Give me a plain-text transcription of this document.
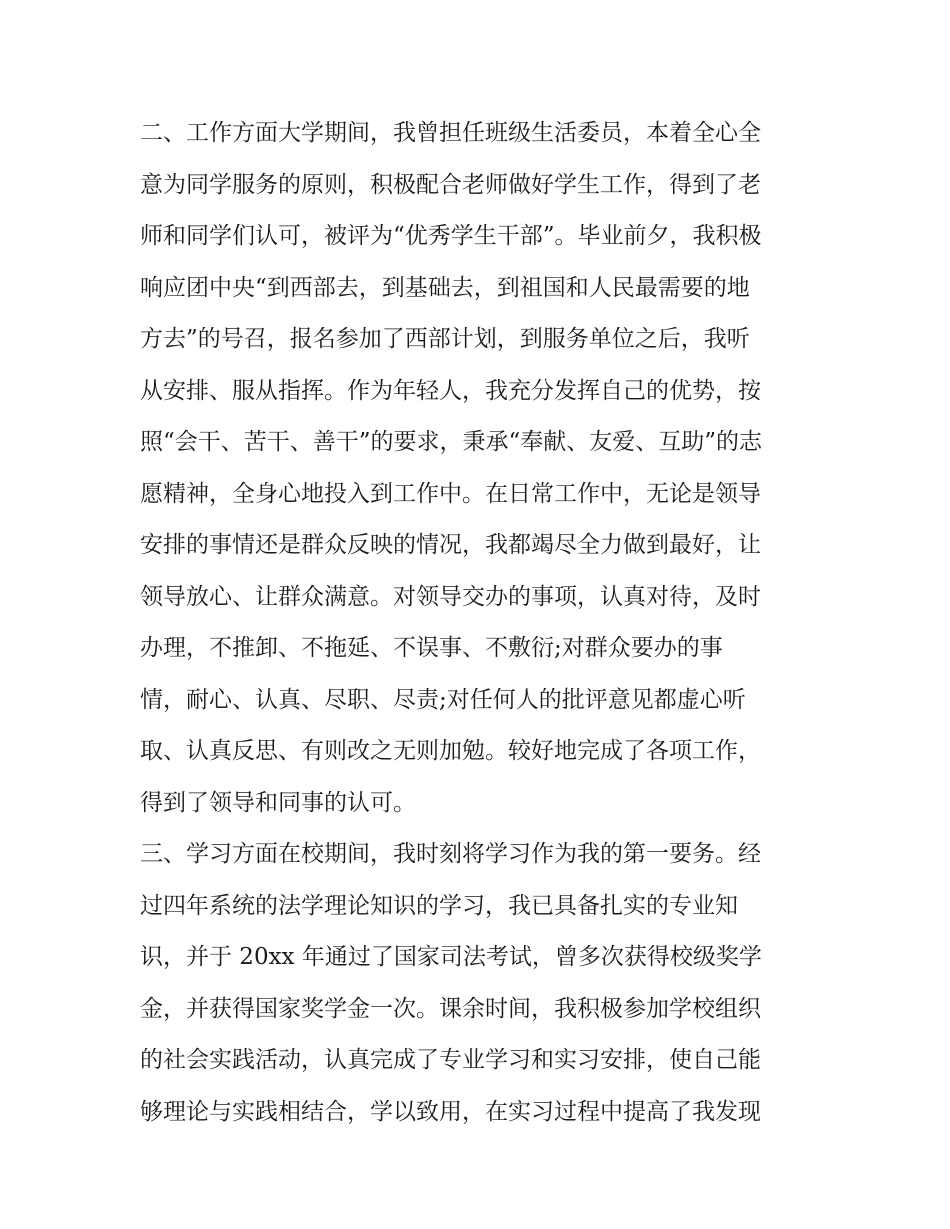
二、工作方面大学期间，我曾担任班级生活委员，本着全心全
意为同学服务的原则，积极配合老师做好学生工作，得到了老
师和同学们认可，被评为“优秀学生干部”。毕业前夕，我积极
响应团中央“到西部去，到基础去，到祖国和人民最需要的地
方去”的号召，报名参加了西部计划，到服务单位之后，我听
从安排、服从指挥。作为年轻人，我充分发挥自己的优势，按
照“会干、苦干、善干”的要求，秉承“奉献、友爱、互助”的志
愿精神，全身心地投入到工作中。在日常工作中，无论是领导
安排的事情还是群众反映的情况，我都竭尽全力做到最好，让
领导放心、让群众满意。对领导交办的事项，认真对待，及时
办理，不推卸、不拖延、不误事、不敷衍;对群众要办的事
情，耐心、认真、尽职、尽责;对任何人的批评意见都虚心听
取、认真反思、有则改之无则加勉。较好地完成了各项工作，
得到了领导和同事的认可。
三、学习方面在校期间，我时刻将学习作为我的第一要务。经
过四年系统的法学理论知识的学习，我已具备扎实的专业知
识，并于 20xx 年通过了国家司法考试，曾多次获得校级奖学
金，并获得国家奖学金一次。课余时间，我积极参加学校组织
的社会实践活动，认真完成了专业学习和实习安排，使自己能
够理论与实践相结合，学以致用，在实习过程中提高了我发现
